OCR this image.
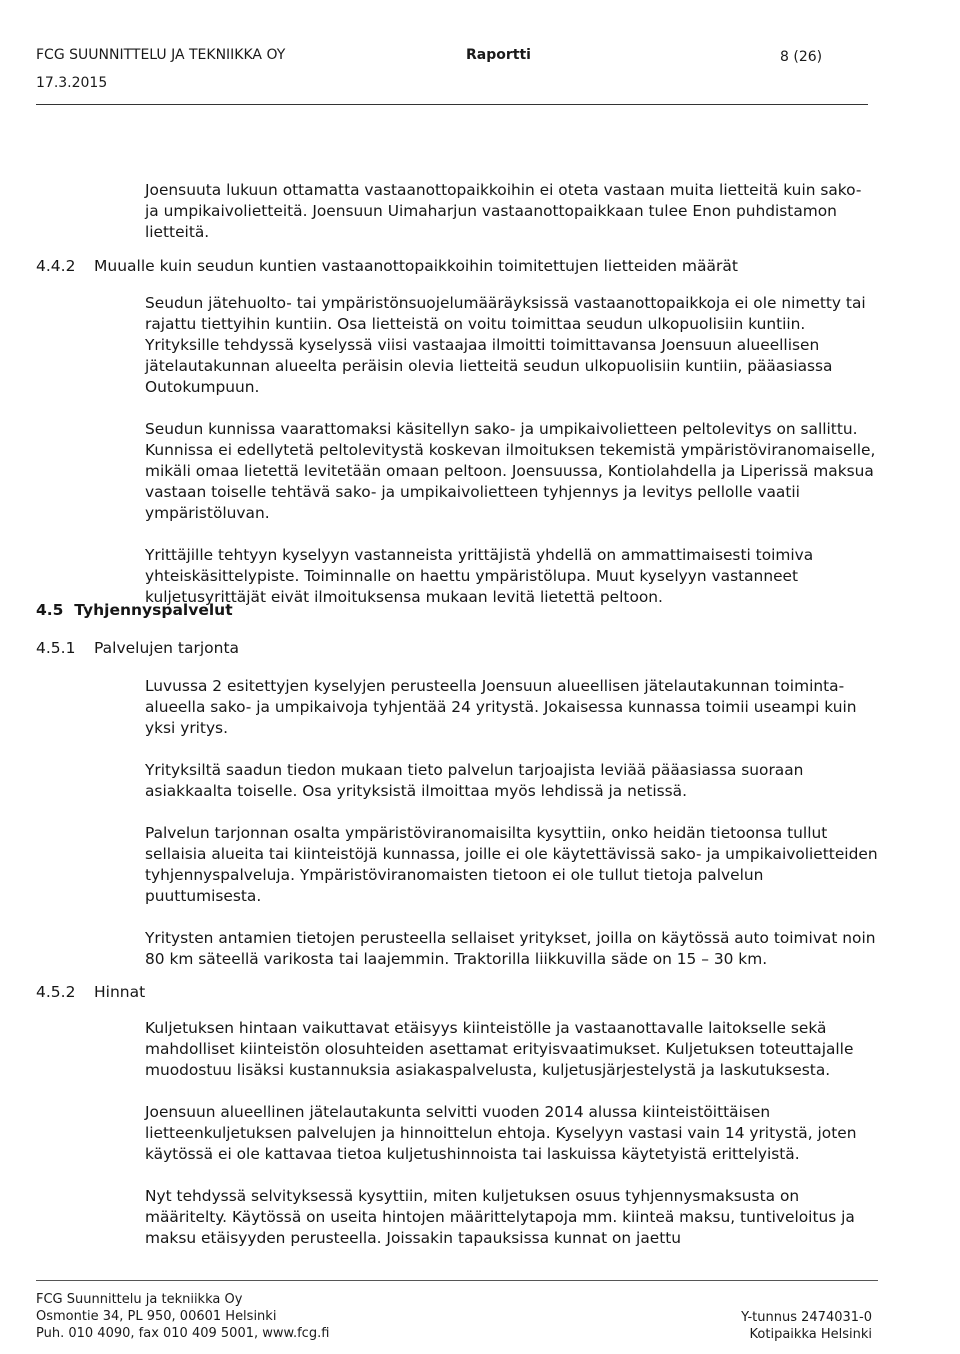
FCG SUUNNITTELU JA TEKNIIKKA OY	Raportti	8 (26)
17.3.2015

Joensuuta lukuun ottamatta vastaanottopaikkoihin ei oteta vastaan muita lietteitä kuin sako- ja umpikaivolietteitä. Joensuun Uimaharjun vastaanottopaikkaan tulee Enon puhdistamon lietteitä.

4.4.2 Muualle kuin seudun kuntien vastaanottopaikkoihin toimitettujen lietteiden määrät

Seudun jätehuolto- tai ympäristönsuojelumääräyksissä vastaanottopaikkoja ei ole nimetty tai rajattu tiettyihin kuntiin. Osa lietteistä on voitu toimittaa seudun ulkopuolisiin kuntiin. Yrityksille tehdyssä kyselyssä viisi vastaajaa ilmoitti toimittavansa Joensuun alueellisen jätelautakunnan alueelta peräisin olevia lietteitä seudun ulkopuolisiin kuntiin, pääasiassa Outokumpuun.

Seudun kunnissa vaarattomaksi käsitellyn sako- ja umpikaivolietteen peltolevitys on sallittu. Kunnissa ei edellytetä peltolevitystä koskevan ilmoituksen tekemistä ympäristöviranomaiselle, mikäli omaa lietettä levitetään omaan peltoon. Joensuussa, Kontiolahdella ja Liperissä maksua vastaan toiselle tehtävä sako- ja umpikaivolietteen tyhjennys ja levitys pellolle vaatii ympäristöluvan.

Yrittäjille tehtyyn kyselyyn vastanneista yrittäjistä yhdellä on ammattimaisesti toimiva yhteiskäsittelypiste. Toiminnalle on haettu ympäristölupa. Muut kyselyyn vastanneet kuljetusyrittäjät eivät ilmoituksensa mukaan levitä lietettä peltoon.

4.5 Tyhjennyspalvelut
4.5.1 Palvelujen tarjonta

Luvussa 2 esitettyjen kyselyjen perusteella Joensuun alueellisen jätelautakunnan toiminta-alueella sako- ja umpikaivoja tyhjentää 24 yritystä. Jokaisessa kunnassa toimii useampi kuin yksi yritys.

Yrityksiltä saadun tiedon mukaan tieto palvelun tarjoajista leviää pääasiassa suoraan asiakkaalta toiselle. Osa yrityksistä ilmoittaa myös lehdissä ja netissä.

Palvelun tarjonnan osalta ympäristöviranomaisilta kysyttiin, onko heidän tietoonsa tullut sellaisia alueita tai kiinteistöjä kunnassa, joille ei ole käytettävissä sako- ja umpikaivolietteiden tyhjennyspalveluja. Ympäristöviranomaisten tietoon ei ole tullut tietoja palvelun puuttumisesta.

Yritysten antamien tietojen perusteella sellaiset yritykset, joilla on käytössä auto toimivat noin 80 km säteellä varikosta tai laajemmin. Traktorilla liikkuvilla säde on 15 – 30 km.

4.5.2 Hinnat

Kuljetuksen hintaan vaikuttavat etäisyys kiinteistölle ja vastaanottavalle laitokselle sekä mahdolliset kiinteistön olosuhteiden asettamat erityisvaatimukset. Kuljetuksen toteuttajalle muodostuu lisäksi kustannuksia asiakaspalvelusta, kuljetusjärjestelystä ja laskutuksesta.

Joensuun alueellinen jätelautakunta selvitti vuoden 2014 alussa kiinteistöittäisen lietteenkuljetuksen palvelujen ja hinnoittelun ehtoja. Kyselyyn vastasi vain 14 yritystä, joten käytössä ei ole kattavaa tietoa kuljetushinnoista tai laskuissa käytetyistä erittelyistä.

Nyt tehdyssä selvityksessä kysyttiin, miten kuljetuksen osuus tyhjennysmaksusta on määritelty. Käytössä on useita hintojen määrittelytapoja mm. kiinteä maksu, tuntiveloitus ja maksu etäisyyden perusteella. Joissakin tapauksissa kunnat on jaettu

FCG Suunnittelu ja tekniikka Oy
Osmontie 34, PL 950, 00601 Helsinki
Puh. 010 4090, fax 010 409 5001, www.fcg.fi
Y-tunnus 2474031-0
Kotipaikka Helsinki
